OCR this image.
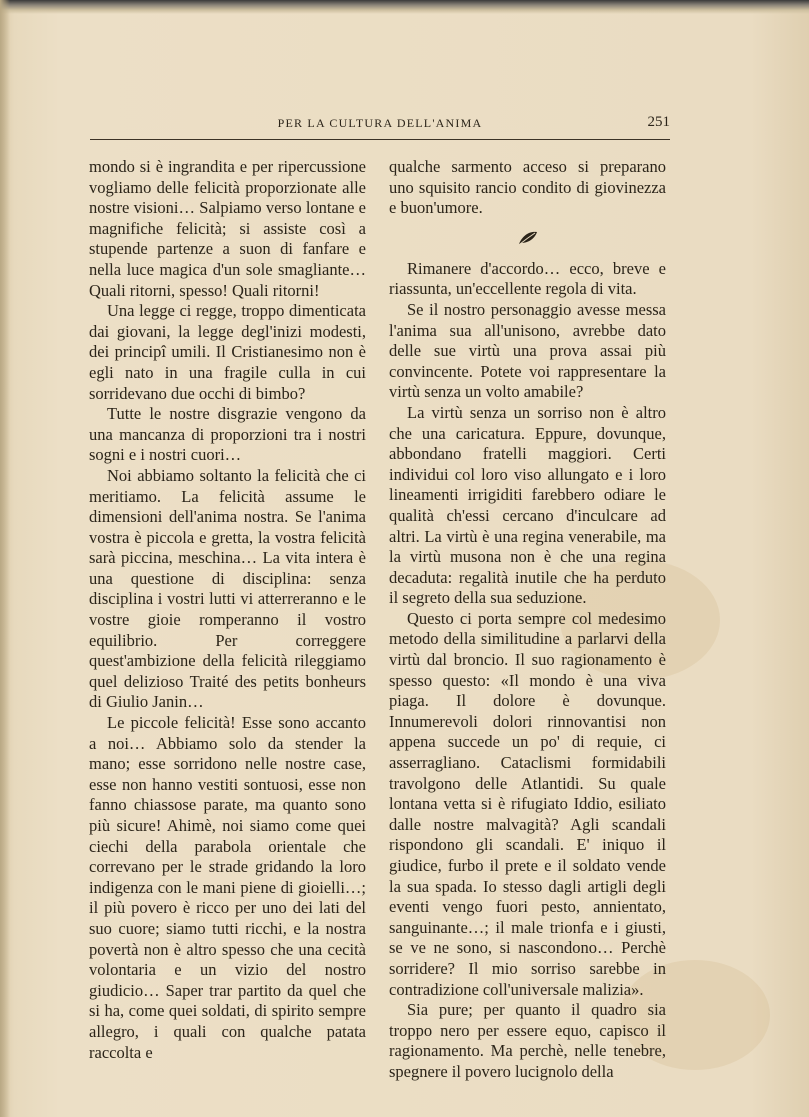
PER LA CULTURA DELL'ANIMA	251

mondo si è ingrandita e per ripercussione vogliamo delle felicità proporzionate alle nostre visioni… Salpiamo verso lontane e magnifiche felicità; si assiste così a stupende partenze a suon di fanfare e nella luce magica d'un sole smagliante… Quali ritorni, spesso! Quali ritorni!

Una legge ci regge, troppo dimenticata dai giovani, la legge degl'inizi modesti, dei principî umili. Il Cristianesimo non è egli nato in una fragile culla in cui sorridevano due occhi di bimbo?

Tutte le nostre disgrazie vengono da una mancanza di proporzioni tra i nostri sogni e i nostri cuori…

Noi abbiamo soltanto la felicità che ci meritiamo. La felicità assume le dimensioni dell'anima nostra. Se l'anima vostra è piccola e gretta, la vostra felicità sarà piccina, meschina… La vita intera è una questione di disciplina: senza disciplina i vostri lutti vi atterreranno e le vostre gioie romperanno il vostro equilibrio. Per correggere quest'ambizione della felicità rileggiamo quel delizioso Traité des petits bonheurs di Giulio Janin…

Le piccole felicità! Esse sono accanto a noi… Abbiamo solo da stender la mano; esse sorridono nelle nostre case, esse non hanno vestiti sontuosi, esse non fanno chiassose parate, ma quanto sono più sicure! Ahimè, noi siamo come quei ciechi della parabola orientale che correvano per le strade gridando la loro indigenza con le mani piene di gioielli…; il più povero è ricco per uno dei lati del suo cuore; siamo tutti ricchi, e la nostra povertà non è altro spesso che una cecità volontaria e un vizio del nostro giudicio… Saper trar partito da quel che si ha, come quei soldati, di spirito sempre allegro, i quali con qualche patata raccolta e

qualche sarmento acceso si preparano uno squisito rancio condito di giovinezza e buon'umore.

Rimanere d'accordo… ecco, breve e riassunta, un'eccellente regola di vita.

Se il nostro personaggio avesse messa l'anima sua all'unisono, avrebbe dato delle sue virtù una prova assai più convincente. Potete voi rappresentare la virtù senza un volto amabile?

La virtù senza un sorriso non è altro che una caricatura. Eppure, dovunque, abbondano fratelli maggiori. Certi individui col loro viso allungato e i loro lineamenti irrigiditi farebbero odiare le qualità ch'essi cercano d'inculcare ad altri. La virtù è una regina venerabile, ma la virtù musona non è che una regina decaduta: regalità inutile che ha perduto il segreto della sua seduzione.

Questo ci porta sempre col medesimo metodo della similitudine a parlarvi della virtù dal broncio. Il suo ragionamento è spesso questo: «Il mondo è una viva piaga. Il dolore è dovunque. Innumerevoli dolori rinnovantisi non appena succede un po' di requie, ci asserragliano. Cataclismi formidabili travolgono delle Atlantidi. Su quale lontana vetta si è rifugiato Iddio, esiliato dalle nostre malvagità? Agli scandali rispondono gli scandali. E' iniquo il giudice, furbo il prete e il soldato vende la sua spada. Io stesso dagli artigli degli eventi vengo fuori pesto, annientato, sanguinante…; il male trionfa e i giusti, se ve ne sono, si nascondono… Perchè sorridere? Il mio sorriso sarebbe in contradizione coll'universale malizia».

Sia pure; per quanto il quadro sia troppo nero per essere equo, capisco il ragionamento. Ma perchè, nelle tenebre, spegnere il povero lucignolo della
